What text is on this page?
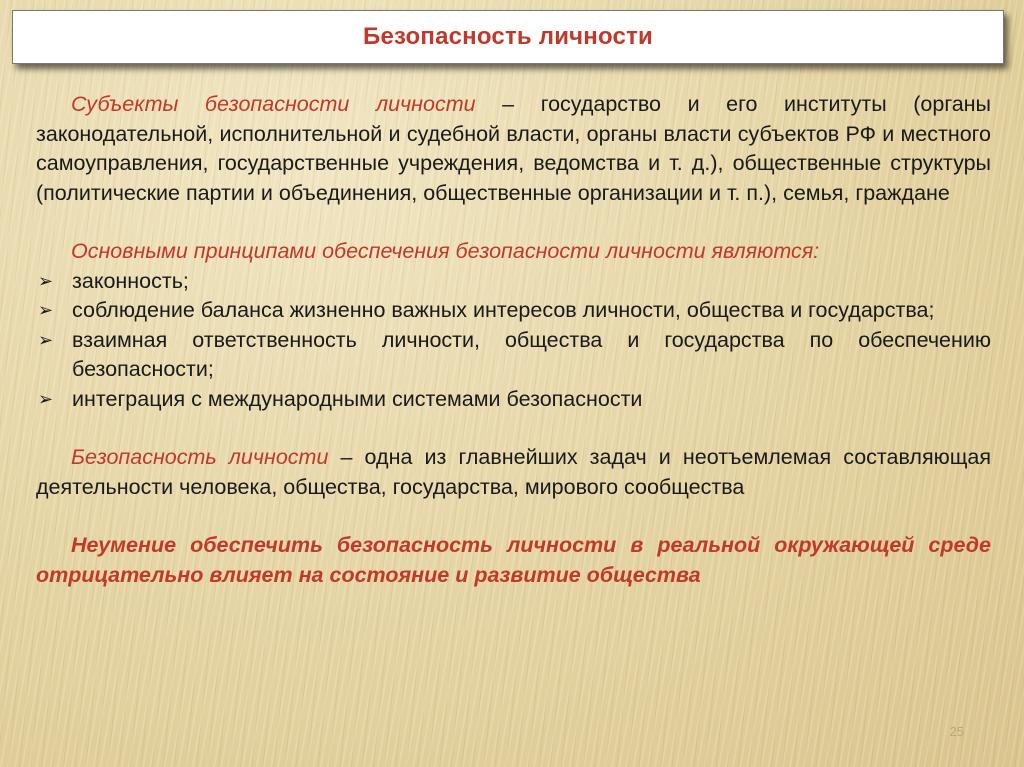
Безопасность личности

Субъекты безопасности личности – государство и его институты (органы законодательной, исполнительной и судебной власти, органы власти субъектов РФ и местного самоуправления, государственные учреждения, ведомства и т. д.), общественные структуры (политические партии и объединения, общественные организации и т. п.), семья, граждане

Основными принципами обеспечения безопасности личности являются:

➢ законность;
➢ соблюдение баланса жизненно важных интересов личности, общества и государства;
➢ взаимная ответственность личности, общества и государства по обеспечению безопасности;
➢ интеграция с международными системами безопасности

Безопасность личности – одна из главнейших задач и неотъемлемая составляющая деятельности человека, общества, государства, мирового сообщества

Неумение обеспечить безопасность личности в реальной окружающей среде отрицательно влияет на состояние и развитие общества

25
